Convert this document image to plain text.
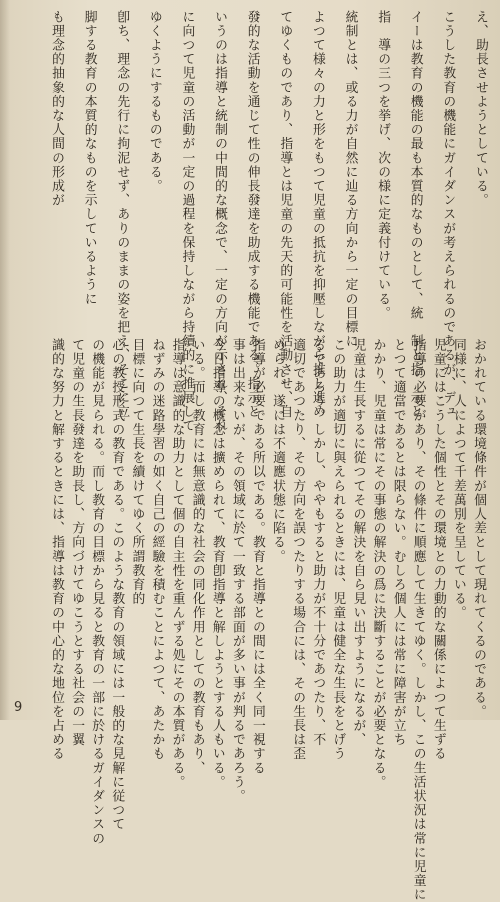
え、助長させようとしている。
こうした教育の機能にガイダンスが考えられるのであるが、デュ
イーは教育の機能の最も本質的なものとして、統　制と指　示と
指　導の三つを挙げ、次の様に定義付けている。
統制とは、或る力が自然に辿る方向から一定の目標に
よつて様々の力と形をもつて児童の抵抗を抑壓しながら推し進め
てゆくものであり、指導とは児童の先天的可能性を活動させ、自
發的な活動を通じて性の伸長發達を助成する機能である。指示と
いうのは指導と統制の中間的な概念で、一定の方向が示され、それ
に向つて児童の活動が一定の過程を保持しながら持續的に推展して
ゆくようにするものである。
卽ち、理念の先行に拘泥せず、ありのままの姿を把え、そこに立
脚する教育の本質的なものを示しているように
も理念的抽象的な人間の形成が
おかれている環境條件が個人差として現れてくるのである。
同様に、人によつて千差萬別を呈している。
児童にはこうした個性とその環境との力動的な關係によつて生ずる
指導の必要があり、その條件に順應して生きてゆく。しかし、この生活状況は常に児童に
とつて適當であるとは限らない。むしろ個人には常に障害が立ち
かかり、児童は常にその事態の解決の爲に決斷することが必要となる。
児童は生長するに從つてその解決を自ら見い出すようになるが、
この助力が適切に與えられるときには、児童は健全な生長をとげう
るであろう。しかし、ややもすると助力が不十分であつたり、不
適切であつたり、その方向を誤つたりする場合には、その生長は歪
められ、遂には不適應状態に陷る。
指導が必要である所以である。教育と指導との間には全く同一視する
事は出来ないが、その領域に於て一致する部面が多い事が判るであろう。
今日指導の概念は擴められて、教育卽指導と解しようとする人もいる。
いる。而し教育には無意識的な社会の同化作用としての教育もあり、
指導は意識的な助力として個の自主性を重んずる処にその本質がある。
ねずみの迷路學習の如く自己の經驗を積むことによつて、あたかも
目標に向つて生長を續けてゆく所謂教育的
心の教授形式の教育である。このような教育の領域には一般的な見解に従つて
の機能が見られる。而し教育の目標から見ると教育の一部に於けるガイダンスの
て児童の生長發達を助長し、方向づけてゆこうとする社会の一翼
識的な努力と解するときには、指導は教育の中心的な地位を占める
9
